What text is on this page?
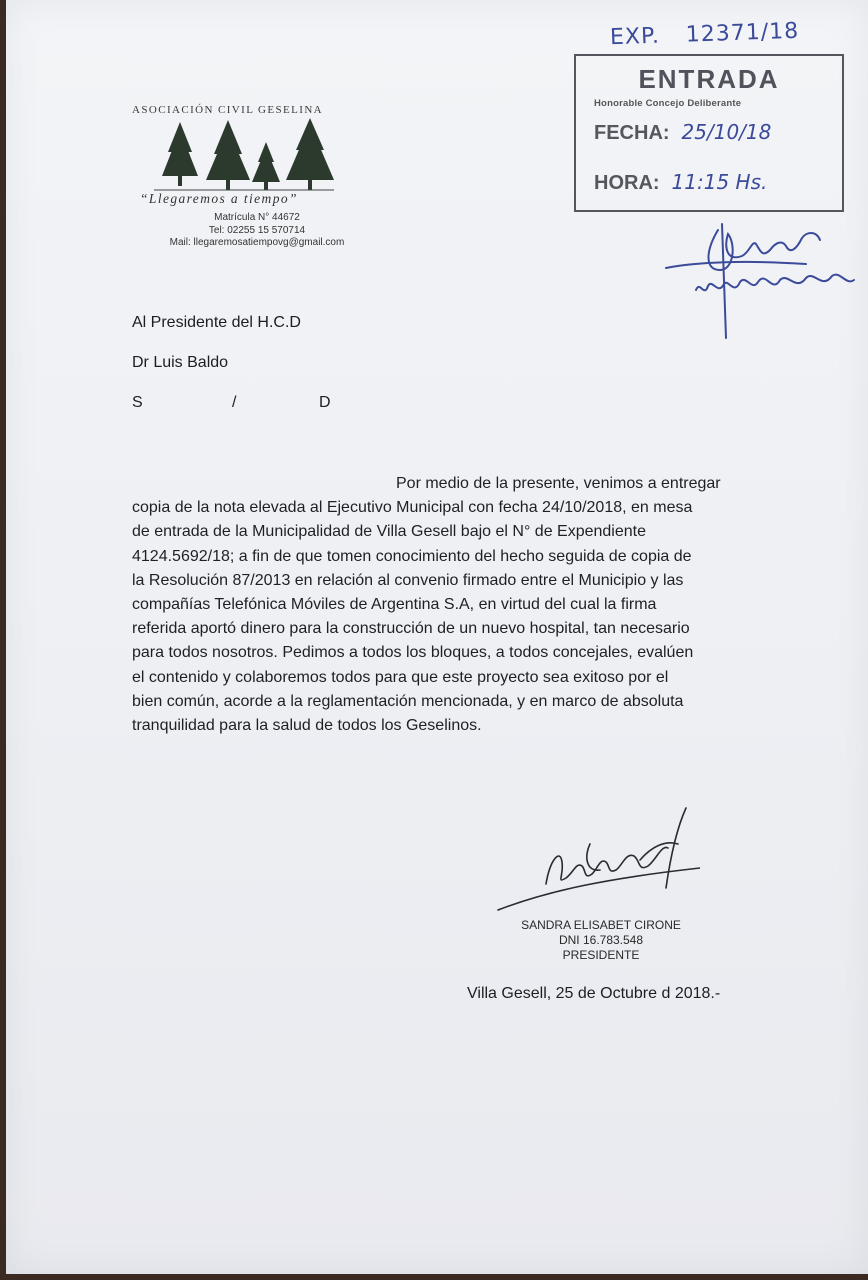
ASOCIACIÓN CIVIL GESELINA
“Llegaremos a tiempo”
Matrícula N° 44672
Tel: 02255 15 570714
Mail: llegaremosatiempovg@gmail.com
EXP. 12371/18
ENTRADA
Honorable Concejo Deliberante
FECHA: 25/10/18
HORA: 11:15 Hs.
Al Presidente del H.C.D
Dr Luis Baldo
S	/	D
Por medio de la presente, venimos a entregar
copia de la nota elevada al Ejecutivo Municipal con fecha 24/10/2018, en mesa
de entrada de la Municipalidad de Villa Gesell bajo el N° de Expendiente
4124.5692/18; a fin de que tomen conocimiento del hecho seguida de copia de
la Resolución 87/2013 en relación al convenio firmado entre el Municipio y las
compañías Telefónica Móviles de Argentina S.A, en virtud del cual la firma
referida aportó dinero para la construcción de un nuevo hospital, tan necesario
para todos nosotros. Pedimos a todos los bloques, a todos concejales, evalúen
el contenido y colaboremos todos para que este proyecto sea exitoso por el
bien común, acorde a la reglamentación mencionada, y en marco de absoluta
tranquilidad para la salud de todos los Geselinos.
SANDRA ELISABET CIRONE
DNI 16.783.548
PRESIDENTE
Villa Gesell, 25 de Octubre d 2018.-
